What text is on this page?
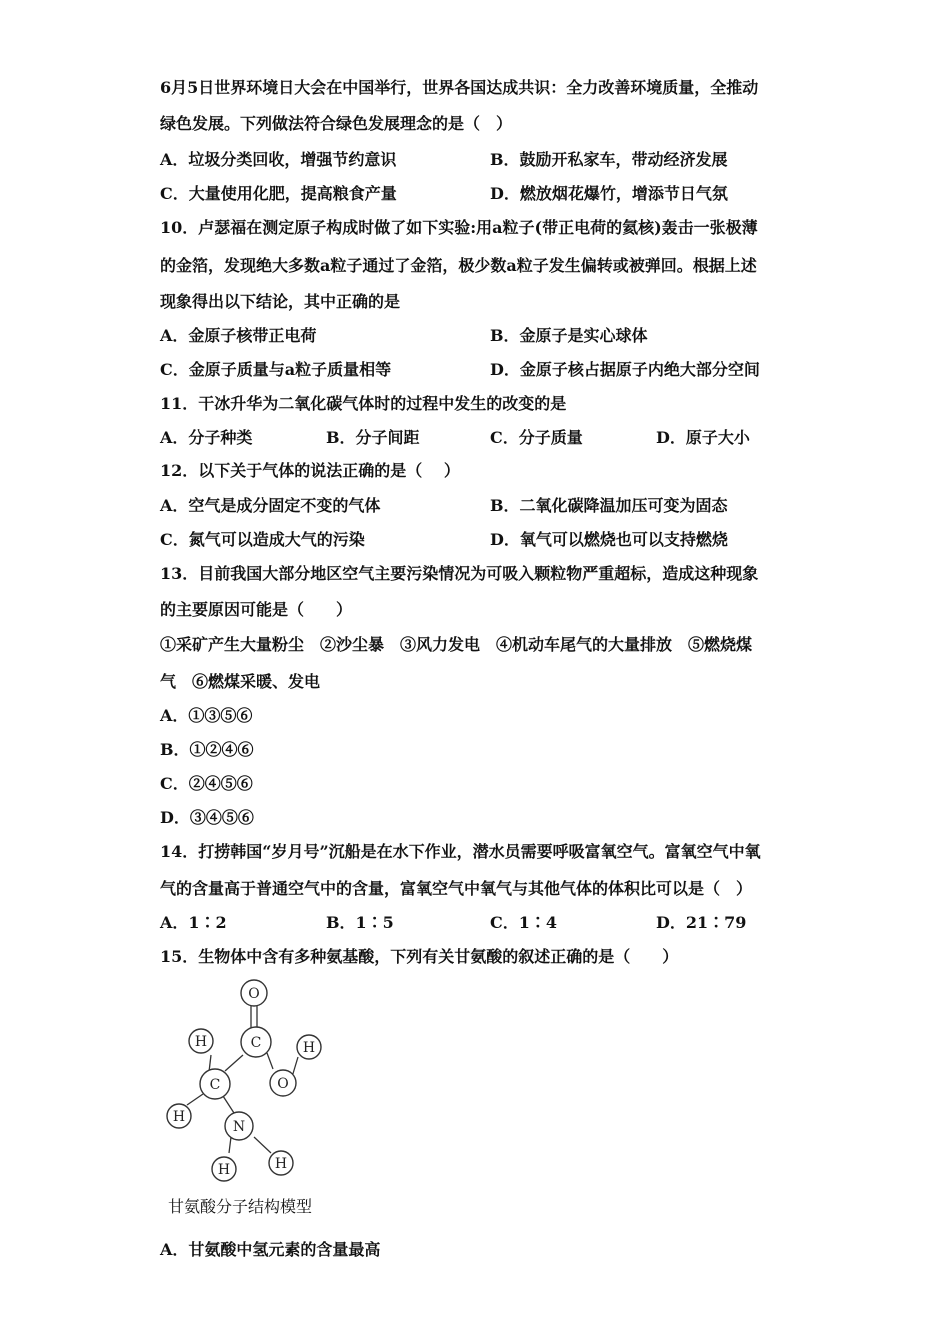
6月5日世界环境日大会在中国举行，世界各国达成共识：全力改善环境质量，全推动
绿色发展。下列做法符合绿色发展理念的是（　）
A．垃圾分类回收，增强节约意识	B．鼓励开私家车，带动经济发展
C．大量使用化肥，提高粮食产量	D．燃放烟花爆竹，增添节日气氛
10．卢瑟福在测定原子构成时做了如下实验:用a粒子(带正电荷的氦核)轰击一张极薄
的金箔，发现绝大多数a粒子通过了金箔，极少数a粒子发生偏转或被弹回。根据上述
现象得出以下结论，其中正确的是
A．金原子核带正电荷	B．金原子是实心球体
C．金原子质量与a粒子质量相等	D．金原子核占据原子内绝大部分空间
11．干冰升华为二氧化碳气体时的过程中发生的改变的是
A．分子种类	B．分子间距	C．分子质量	D．原子大小
12．以下关于气体的说法正确的是（　 ）
A．空气是成分固定不变的气体	B．二氧化碳降温加压可变为固态
C．氮气可以造成大气的污染	D．氧气可以燃烧也可以支持燃烧
13．目前我国大部分地区空气主要污染情况为可吸入颗粒物严重超标，造成这种现象
的主要原因可能是（　　）
①采矿产生大量粉尘　②沙尘暴　③风力发电　④机动车尾气的大量排放　⑤燃烧煤
气　⑥燃煤采暖、发电
A．①③⑤⑥
B．①②④⑥
C．②④⑤⑥
D．③④⑤⑥
14．打捞韩国“岁月号”沉船是在水下作业，潜水员需要呼吸富氧空气。富氧空气中氧
气的含量高于普通空气中的含量，富氧空气中氧气与其他气体的体积比可以是（　）
A．1∶2	B．1∶5	C．1∶4	D．21∶79
15．生物体中含有多种氨基酸，下列有关甘氨酸的叙述正确的是（　　）
O
C	H
H
O
C
H
N
H	H
甘氨酸分子结构模型
A．甘氨酸中氢元素的含量最高
